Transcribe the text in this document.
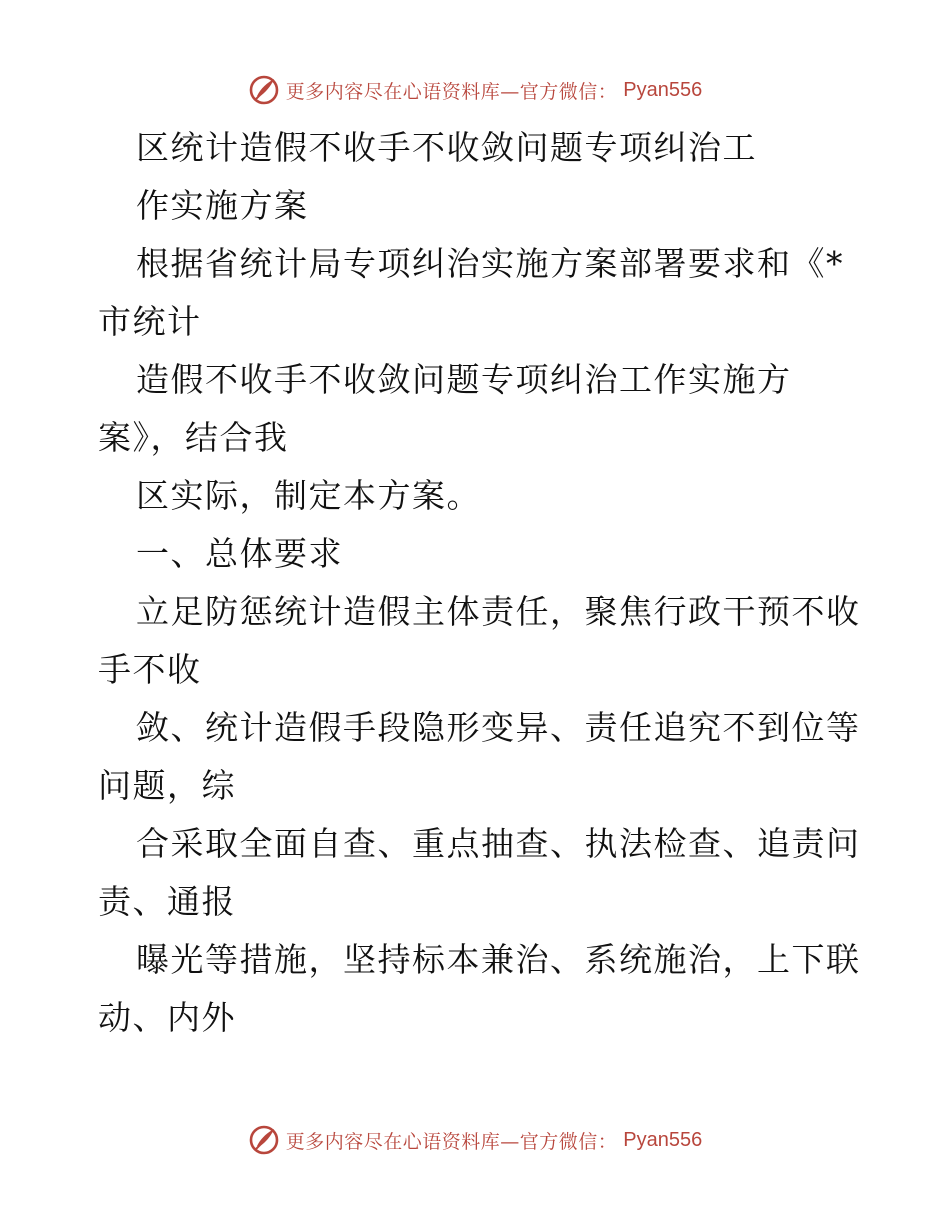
更多内容尽在心语资料库—官方微信： Pyan556
区统计造假不收手不收敛问题专项纠治工
作实施方案
根据省统计局专项纠治实施方案部署要求和《*
市统计
造假不收手不收敛问题专项纠治工作实施方
案》，结合我
区实际，制定本方案。
一、总体要求
立足防惩统计造假主体责任，聚焦行政干预不收
手不收
敛、统计造假手段隐形变异、责任追究不到位等
问题，综
合采取全面自查、重点抽查、执法检查、追责问
责、通报
曝光等措施，坚持标本兼治、系统施治，上下联
动、内外
更多内容尽在心语资料库—官方微信： Pyan556
